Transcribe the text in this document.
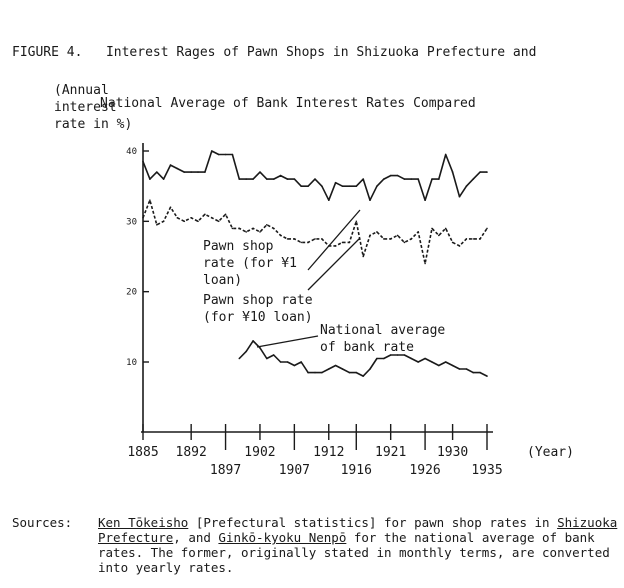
FIGURE 4. Interest Rages of Pawn Shops in Shizuoka Prefecture and

National Average of Bank Interest Rates Compared

(Annual
interest
rate in %)
10
20
30
40
1885 1892	1902	1912 1921 1930
1897	1907 1916	1926 1935
(Year)
Pawn shop
rate (for ¥1
loan)
Pawn shop rate
(for ¥10 loan)
National average
of bank rate
Sources: Ken Tōkeisho [Prefectural statistics] for pawn shop rates in Shizuoka Prefecture, and Ginkō-kyoku Nenpō for the national average of bank rates. The former, originally stated in monthly terms, are converted into yearly rates.
